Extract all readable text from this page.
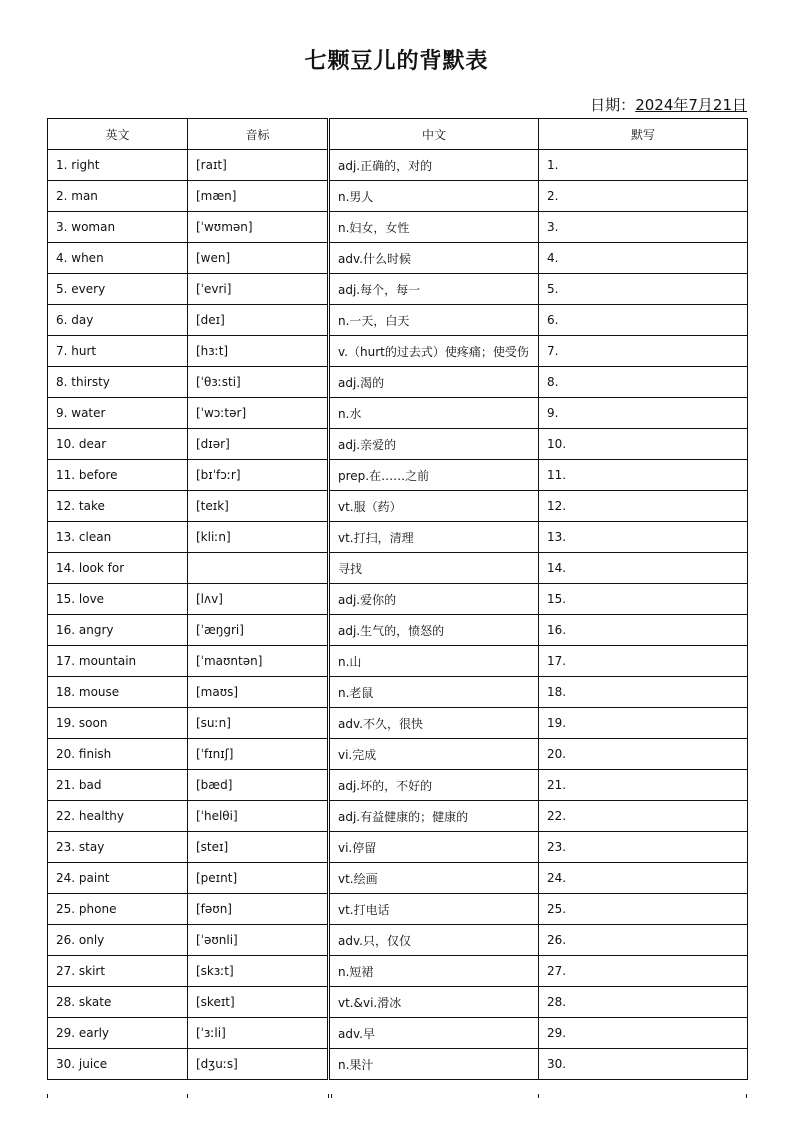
七颗豆儿的背默表
日期：2024年7月21日
英文	音标	中文	默写
1. right	[raɪt]	adj.正确的，对的	1.
2. man	[mæn]	n.男人	2.
3. woman	[ˈwʊmən]	n.妇女，女性	3.
4. when	[wen]	adv.什么时候	4.
5. every	[ˈevri]	adj.每个，每一	5.
6. day	[deɪ]	n.一天，白天	6.
7. hurt	[hɜːt]	v.（hurt的过去式）使疼痛；使受伤	7.
8. thirsty	[ˈθɜːsti]	adj.渴的	8.
9. water	[ˈwɔːtər]	n.水	9.
10. dear	[dɪər]	adj.亲爱的	10.
11. before	[bɪˈfɔːr]	prep.在……之前	11.
12. take	[teɪk]	vt.服（药）	12.
13. clean	[kliːn]	vt.打扫，清理	13.
14. look for		寻找	14.
15. love	[lʌv]	adj.爱你的	15.
16. angry	[ˈæŋgri]	adj.生气的，愤怒的	16.
17. mountain	[ˈmaʊntən]	n.山	17.
18. mouse	[maʊs]	n.老鼠	18.
19. soon	[suːn]	adv.不久，很快	19.
20. finish	[ˈfɪnɪʃ]	vi.完成	20.
21. bad	[bæd]	adj.坏的，不好的	21.
22. healthy	[ˈhelθi]	adj.有益健康的；健康的	22.
23. stay	[steɪ]	vi.停留	23.
24. paint	[peɪnt]	vt.绘画	24.
25. phone	[fəʊn]	vt.打电话	25.
26. only	[ˈəʊnli]	adv.只，仅仅	26.
27. skirt	[skɜːt]	n.短裙	27.
28. skate	[skeɪt]	vt.&vi.滑冰	28.
29. early	[ˈɜːli]	adv.早	29.
30. juice	[dʒuːs]	n.果汁	30.
